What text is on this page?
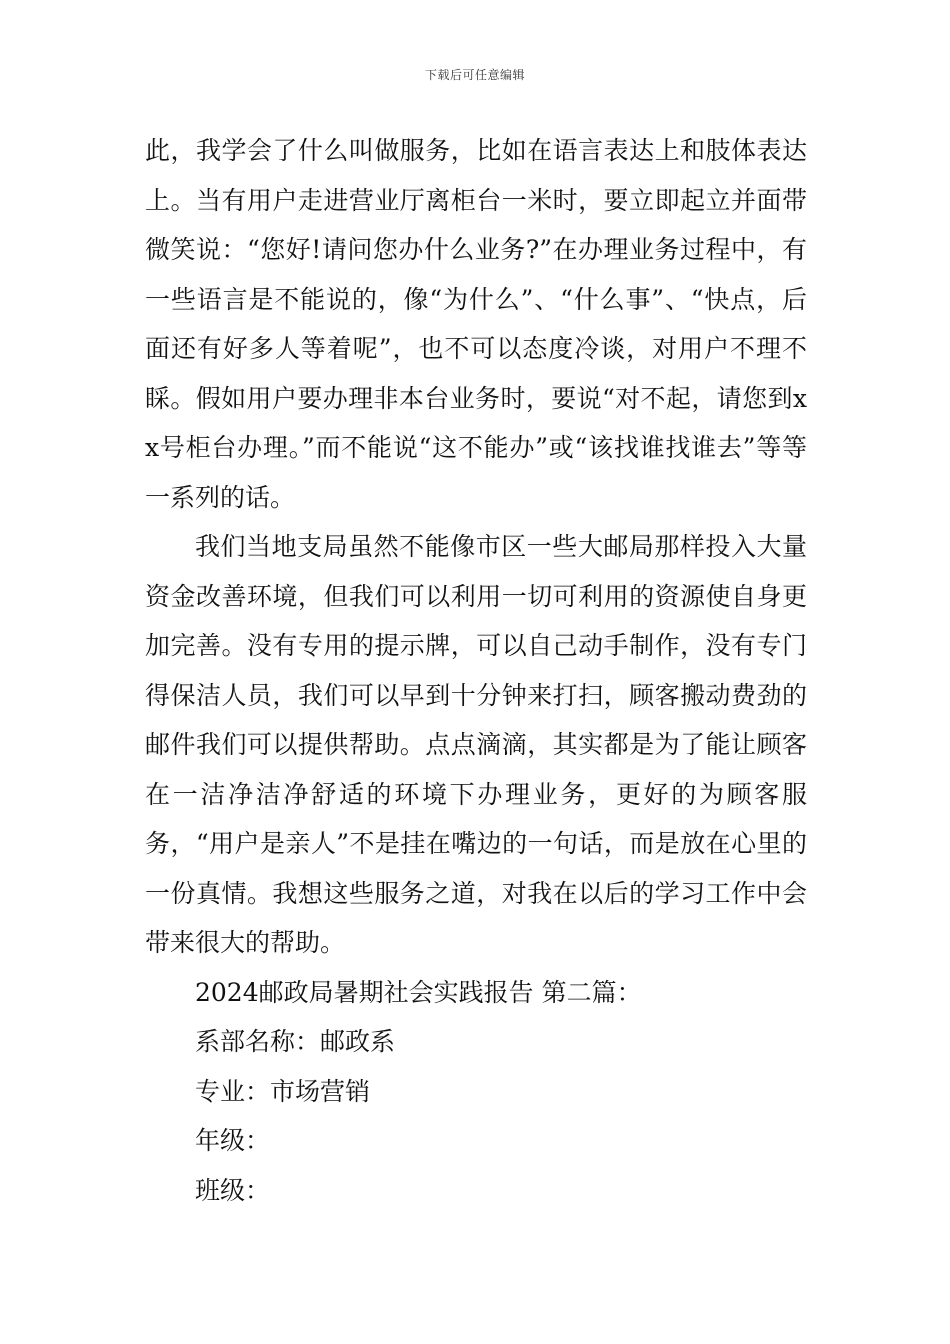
下载后可任意编辑

此，我学会了什么叫做服务，比如在语言表达上和肢体表达上。当有用户走进营业厅离柜台一米时，要立即起立并面带微笑说：“您好!请问您办什么业务?”在办理业务过程中，有一些语言是不能说的，像“为什么”、“什么事”、“快点，后面还有好多人等着呢”，也不可以态度冷谈，对用户不理不睬。假如用户要办理非本台业务时，要说“对不起，请您到xx号柜台办理。”而不能说“这不能办”或“该找谁找谁去”等等一系列的话。

我们当地支局虽然不能像市区一些大邮局那样投入大量资金改善环境，但我们可以利用一切可利用的资源使自身更加完善。没有专用的提示牌，可以自己动手制作，没有专门得保洁人员，我们可以早到十分钟来打扫，顾客搬动费劲的邮件我们可以提供帮助。点点滴滴，其实都是为了能让顾客在一洁净洁净舒适的环境下办理业务，更好的为顾客服务，“用户是亲人”不是挂在嘴边的一句话，而是放在心里的一份真情。我想这些服务之道，对我在以后的学习工作中会带来很大的帮助。

2024邮政局暑期社会实践报告 第二篇：

系部名称：邮政系

专业：市场营销

年级：

班级：
